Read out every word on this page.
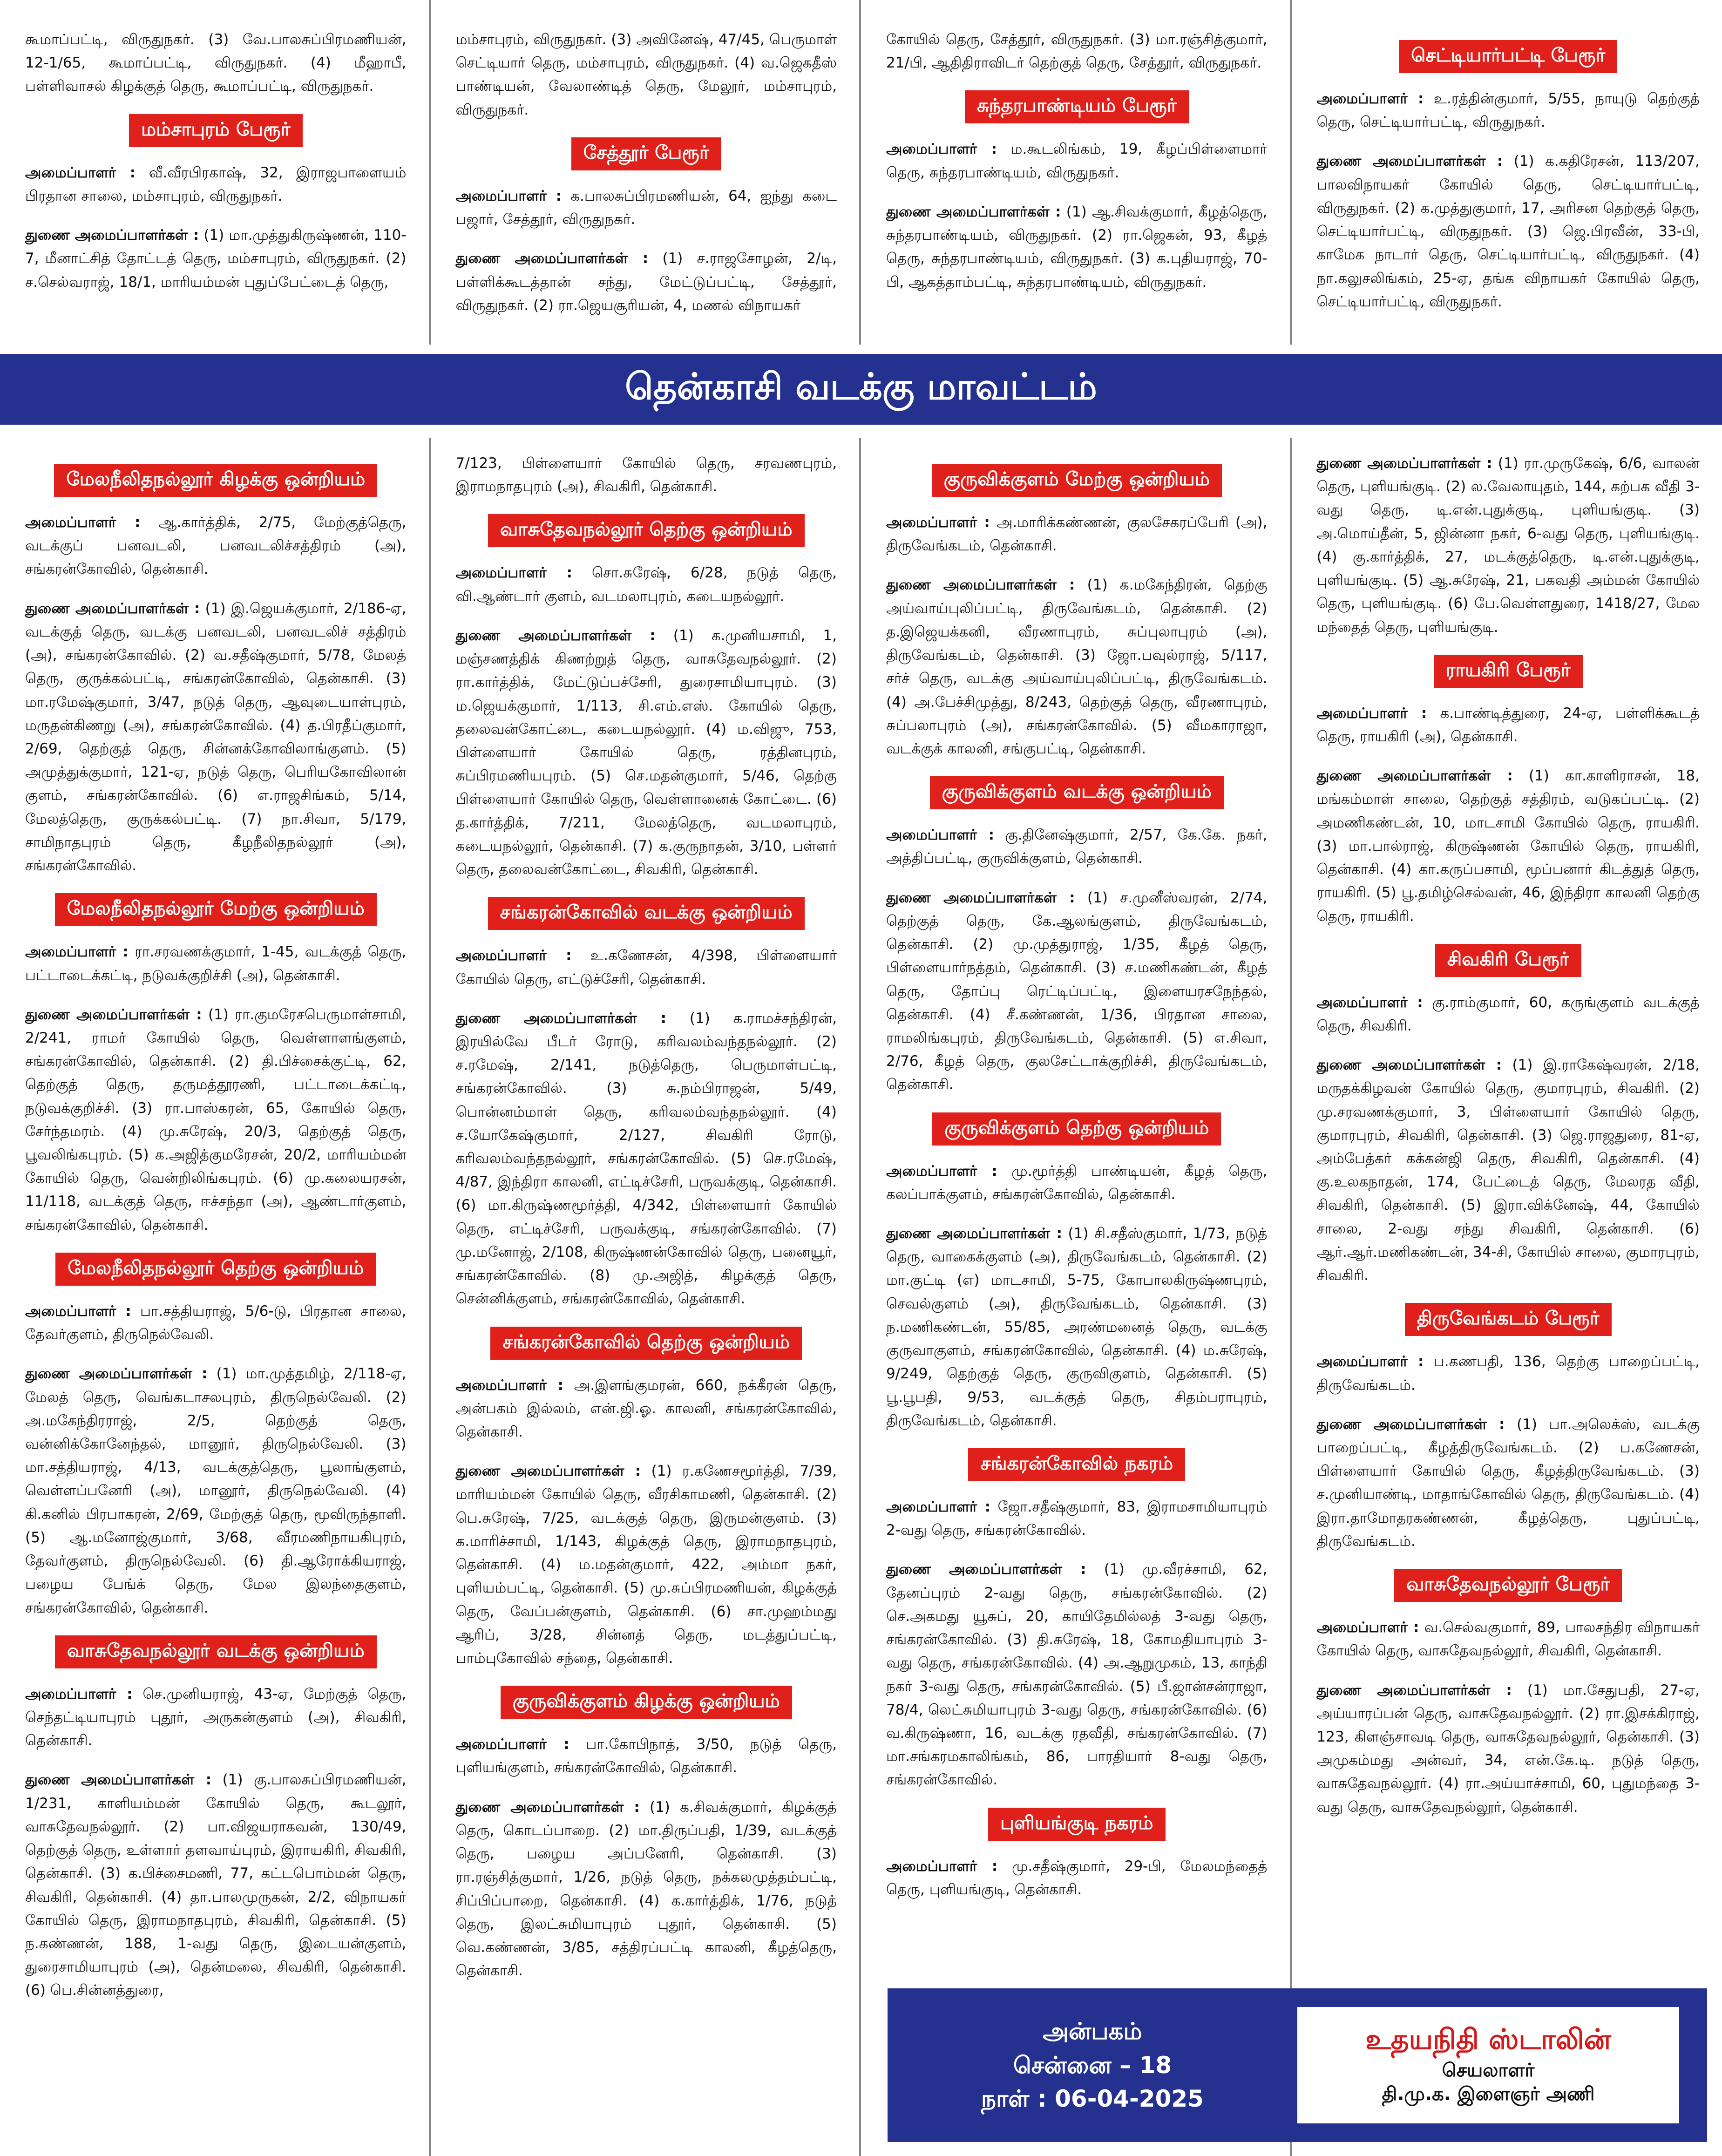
கூமாப்பட்டி, விருதுநகர். (3) வே.பாலசுப்பிரமணியன், 12-1/65, கூமாப்பட்டி, விருதுநகர். (4) மீஹாபீ, பள்ளிவாசல் கிழக்குத் தெரு, கூமாப்பட்டி, விருதுநகர்.

மம்சாபுரம் பேரூர்

அமைப்பாளர் : வீ.வீரபிரகாஷ், 32, இராஜபாளையம் பிரதான சாலை, மம்சாபுரம், விருதுநகர்.

துணை அமைப்பாளர்கள் : (1) மா.முத்துகிருஷ்ணன், 110-7, மீனாட்சித் தோட்டத் தெரு, மம்சாபுரம், விருதுநகர். (2) ச.செல்வராஜ், 18/1, மாரியம்மன் புதுப்பேட்டைத் தெரு,

மம்சாபுரம், விருதுநகர். (3) அவினேஷ், 47/45, பெருமாள் செட்டியார் தெரு, மம்சாபுரம், விருதுநகர். (4) வ.ஜெகதீஸ் பாண்டியன், வேலாண்டித் தெரு, மேலூர், மம்சாபுரம், விருதுநகர்.

சேத்தூர் பேரூர்

அமைப்பாளர் : க.பாலசுப்பிரமணியன், 64, ஐந்து கடை பஜார், சேத்தூர், விருதுநகர்.

துணை அமைப்பாளர்கள் : (1) ச.ராஜசோழன், 2/டி, பள்ளிக்கூடத்தான் சந்து, மேட்டுப்பட்டி, சேத்தூர், விருதுநகர். (2) ரா.ஜெயசூரியன், 4, மணல் விநாயகர்

கோயில் தெரு, சேத்தூர், விருதுநகர். (3) மா.ரஞ்சித்குமார், 21/பி, ஆதிதிராவிடர் தெற்குத் தெரு, சேத்தூர், விருதுநகர்.

சுந்தரபாண்டியம் பேரூர்

அமைப்பாளர் : ம.கூடலிங்கம், 19, கீழப்பிள்ளைமார் தெரு, சுந்தரபாண்டியம், விருதுநகர்.

துணை அமைப்பாளர்கள் : (1) ஆ.சிவக்குமார், கீழத்தெரு, சுந்தரபாண்டியம், விருதுநகர். (2) ரா.ஜெகன், 93, கீழத் தெரு, சுந்தரபாண்டியம், விருதுநகர். (3) க.புதியராஜ், 70-பி, ஆகத்தாம்பட்டி, சுந்தரபாண்டியம், விருதுநகர்.

செட்டியார்பட்டி பேரூர்

அமைப்பாளர் : உ.ரத்தின்குமார், 5/55, நாயுடு தெற்குத் தெரு, செட்டியார்பட்டி, விருதுநகர்.

துணை அமைப்பாளர்கள் : (1) க.கதிரேசன், 113/207, பாலவிநாயகர் கோயில் தெரு, செட்டியார்பட்டி, விருதுநகர். (2) க.முத்துகுமார், 17, அரிசன தெற்குத் தெரு, செட்டியார்பட்டி, விருதுநகர். (3) ஜெ.பிரவீன், 33-பி, காமேக நாடார் தெரு, செட்டியார்பட்டி, விருதுநகர். (4) நா.கலுசலிங்கம், 25-ஏ, தங்க விநாயகர் கோயில் தெரு, செட்டியார்பட்டி, விருதுநகர்.

தென்காசி வடக்கு மாவட்டம்
மேலநீலிதநல்லூர் கிழக்கு ஒன்றியம்

அமைப்பாளர் : ஆ.கார்த்திக், 2/75, மேற்குத்தெரு, வடக்குப் பனவடலி, பனவடலிச்சத்திரம் (அ), சங்கரன்கோவில், தென்காசி.

துணை அமைப்பாளர்கள் : (1) இ.ஜெயக்குமார், 2/186-ஏ, வடக்குத் தெரு, வடக்கு பனவடலி, பனவடலிச் சத்திரம் (அ), சங்கரன்கோவில். (2) வ.சதீஷ்குமார், 5/78, மேலத் தெரு, குருக்கல்பட்டி, சங்கரன்கோவில், தென்காசி. (3) மா.ரமேஷ்குமார், 3/47, நடுத் தெரு, ஆவுடையாள்புரம், மருதன்கிணறு (அ), சங்கரன்கோவில். (4) த.பிரதீப்குமார், 2/69, தெற்குத் தெரு, சின்னக்கோவிலாங்குளம். (5) அமுத்துக்குமார், 121-ஏ, நடுத் தெரு, பெரியகோவிலான் குளம், சங்கரன்கோவில். (6) எ.ராஜசிங்கம், 5/14, மேலத்தெரு, குருக்கல்பட்டி. (7) நா.சிவா, 5/179, சாமிநாதபுரம் தெரு, கீழநீலிதநல்லூர் (அ), சங்கரன்கோவில்.

மேலநீலிதநல்லூர் மேற்கு ஒன்றியம்

அமைப்பாளர் : ரா.சரவணக்குமார், 1-45, வடக்குத் தெரு, பட்டாடைக்கட்டி, நடுவக்குறிச்சி (அ), தென்காசி.

துணை அமைப்பாளர்கள் : (1) ரா.குமரேசபெருமாள்சாமி, 2/241, ராமர் கோயில் தெரு, வெள்ளாளங்குளம், சங்கரன்கோவில், தென்காசி. (2) தி.பிச்சைக்குட்டி, 62, தெற்குத் தெரு, தருமத்தூரணி, பட்டாடைக்கட்டி, நடுவக்குறிச்சி. (3) ரா.பாஸ்கரன், 65, கோயில் தெரு, சேர்ந்தமரம். (4) மு.சுரேஷ், 20/3, தெற்குத் தெரு, பூவலிங்கபுரம். (5) க.அஜித்குமரேசன், 20/2, மாரியம்மன் கோயில் தெரு, வென்றிலிங்கபுரம். (6) மு.கலையரசன், 11/118, வடக்குத் தெரு, ஈச்சந்தா (அ), ஆண்டார்குளம், சங்கரன்கோவில், தென்காசி.

மேலநீலிதநல்லூர் தெற்கு ஒன்றியம்

அமைப்பாளர் : பா.சத்தியராஜ், 5/6-டு, பிரதான சாலை, தேவர்குளம், திருநெல்வேலி.

துணை அமைப்பாளர்கள் : (1) மா.முத்தமிழ், 2/118-ஏ, மேலத் தெரு, வெங்கடாசலபுரம், திருநெல்வேலி. (2) அ.மகேந்திரராஜ், 2/5, தெற்குத் தெரு, வன்னிக்கோனேந்தல், மானூர், திருநெல்வேலி. (3) மா.சத்தியராஜ், 4/13, வடக்குத்தெரு, பூலாங்குளம், வெள்ளப்பனேரி (அ), மானூர், திருநெல்வேலி. (4) கி.கனில் பிரபாகரன், 2/69, மேற்குத் தெரு, மூவிருந்தாளி. (5) ஆ.மனோஜ்குமார், 3/68, வீரமணிநாயகிபுரம், தேவர்குளம், திருநெல்வேலி. (6) தி.ஆரோக்கியராஜ், பழைய பேங்க் தெரு, மேல இலந்தைகுளம், சங்கரன்கோவில், தென்காசி.

வாசுதேவநல்லூர் வடக்கு ஒன்றியம்

அமைப்பாளர் : செ.முனியராஜ், 43-ஏ, மேற்குத் தெரு, செந்தட்டியாபுரம் புதூர், அருகன்குளம் (அ), சிவகிரி, தென்காசி.

துணை அமைப்பாளர்கள் : (1) கு.பாலசுப்பிரமணியன், 1/231, காளியம்மன் கோயில் தெரு, கூடலூர், வாசுதேவநல்லூர். (2) பா.விஜயராகவன், 130/49, தெற்குத் தெரு, உள்ளார் தளவாய்புரம், இராயகிரி, சிவகிரி, தென்காசி. (3) க.பிச்சைமணி, 77, கட்டபொம்மன் தெரு, சிவகிரி, தென்காசி. (4) தா.பாலமுருகன், 2/2, விநாயகர் கோயில் தெரு, இராமநாதபுரம், சிவகிரி, தென்காசி. (5) ந.கண்ணன், 188, 1-வது தெரு, இடையன்குளம், துரைசாமியாபுரம் (அ), தென்மலை, சிவகிரி, தென்காசி. (6) பெ.சின்னத்துரை,

7/123, பிள்ளையார் கோயில் தெரு, சரவணபுரம், இராமநாதபுரம் (அ), சிவகிரி, தென்காசி.

வாசுதேவநல்லூர் தெற்கு ஒன்றியம்

அமைப்பாளர் : சொ.சுரேஷ், 6/28, நடுத் தெரு, வி.ஆண்டார் குளம், வடமலாபுரம், கடையநல்லூர்.

துணை அமைப்பாளர்கள் : (1) க.முனியசாமி, 1, மஞ்சணத்திக் கிணற்றுத் தெரு, வாசுதேவநல்லூர். (2) ரா.கார்த்திக், மேட்டுப்பச்சேரி, துரைசாமியாபுரம். (3) ம.ஜெயக்குமார், 1/113, சி.எம்.எஸ். கோயில் தெரு, தலைவன்கோட்டை, கடையநல்லூர். (4) ம.விஜு, 753, பிள்ளையார் கோயில் தெரு, ரத்தினபுரம், சுப்பிரமணியபுரம். (5) செ.மதன்குமார், 5/46, தெற்கு பிள்ளையார் கோயில் தெரு, வெள்ளானைக் கோட்டை. (6) த.கார்த்திக், 7/211, மேலத்தெரு, வடமலாபுரம், கடையநல்லூர், தென்காசி. (7) க.குருநாதன், 3/10, பள்ளர் தெரு, தலைவன்கோட்டை, சிவகிரி, தென்காசி.

சங்கரன்கோவில் வடக்கு ஒன்றியம்

அமைப்பாளர் : உ.கணேசன், 4/398, பிள்ளையார் கோயில் தெரு, எட்டுச்சேரி, தென்காசி.

துணை அமைப்பாளர்கள் : (1) க.ராமச்சந்திரன், இரயில்வே பீடர் ரோடு, கரிவலம்வந்தநல்லூர். (2) ச.ரமேஷ், 2/141, நடுத்தெரு, பெருமாள்பட்டி, சங்கரன்கோவில். (3) சு.நம்பிராஜன், 5/49, பொன்னம்மாள் தெரு, கரிவலம்வந்தநல்லூர். (4) ச.யோகேஷ்குமார், 2/127, சிவகிரி ரோடு, கரிவலம்வந்தநல்லூர், சங்கரன்கோவில். (5) செ.ரமேஷ், 4/87, இந்திரா காலனி, எட்டிச்சேரி, பருவக்குடி, தென்காசி. (6) மா.கிருஷ்ணமூர்த்தி, 4/342, பிள்ளையார் கோயில் தெரு, எட்டிச்சேரி, பருவக்குடி, சங்கரன்கோவில். (7) மு.மனோஜ், 2/108, கிருஷ்ணன்கோவில் தெரு, பனையூர், சங்கரன்கோவில். (8) மு.அஜித், கிழக்குத் தெரு, சென்னிக்குளம், சங்கரன்கோவில், தென்காசி.

சங்கரன்கோவில் தெற்கு ஒன்றியம்

அமைப்பாளர் : அ.இளங்குமரன், 660, நக்கீரன் தெரு, அன்பகம் இல்லம், என்.ஜி.ஓ. காலனி, சங்கரன்கோவில், தென்காசி.

துணை அமைப்பாளர்கள் : (1) ர.கணேசமூர்த்தி, 7/39, மாரியம்மன் கோயில் தெரு, வீரசிகாமணி, தென்காசி. (2) பெ.சுரேஷ், 7/25, வடக்குத் தெரு, இருமன்குளம். (3) க.மாரிச்சாமி, 1/143, கிழக்குத் தெரு, இராமநாதபுரம், தென்காசி. (4) ம.மதன்குமார், 422, அம்மா நகர், புளியம்பட்டி, தென்காசி. (5) மு.சுப்பிரமணியன், கிழக்குத் தெரு, வேப்பன்குளம், தென்காசி. (6) சா.முஹம்மது ஆரிப், 3/28, சின்னத் தெரு, மடத்துப்பட்டி, பாம்புகோவில் சந்தை, தென்காசி.

குருவிக்குளம் கிழக்கு ஒன்றியம்

அமைப்பாளர் : பா.கோபிநாத், 3/50, நடுத் தெரு, புளியங்குளம், சங்கரன்கோவில், தென்காசி.

துணை அமைப்பாளர்கள் : (1) க.சிவக்குமார், கிழக்குத் தெரு, கொடப்பாறை. (2) மா.திருப்பதி, 1/39, வடக்குத் தெரு, பழைய அப்பனேரி, தென்காசி. (3) ரா.ரஞ்சித்குமார், 1/26, நடுத் தெரு, நக்கலமுத்தம்பட்டி, சிப்பிப்பாறை, தென்காசி. (4) க.கார்த்திக், 1/76, நடுத் தெரு, இலட்சுமியாபுரம் புதூர், தென்காசி. (5) வெ.கண்ணன், 3/85, சத்திரப்பட்டி காலனி, கீழத்தெரு, தென்காசி.

குருவிக்குளம் மேற்கு ஒன்றியம்

அமைப்பாளர் : அ.மாரிக்கண்ணன், குலசேகரப்பேரி (அ), திருவேங்கடம், தென்காசி.

துணை அமைப்பாளர்கள் : (1) க.மகேந்திரன், தெற்கு அய்வாய்புலிப்பட்டி, திருவேங்கடம், தென்காசி. (2) த.இஜெயக்கனி, வீரணாபுரம், சுப்புலாபுரம் (அ), திருவேங்கடம், தென்காசி. (3) ஜோ.பவுல்ராஜ், 5/117, சர்ச் தெரு, வடக்கு அய்வாய்புலிப்பட்டி, திருவேங்கடம். (4) அ.பேச்சிமுத்து, 8/243, தெற்குத் தெரு, வீரணாபுரம், சுப்பலாபுரம் (அ), சங்கரன்கோவில். (5) வீமகாராஜா, வடக்குக் காலனி, சங்குபட்டி, தென்காசி.

குருவிக்குளம் வடக்கு ஒன்றியம்

அமைப்பாளர் : கு.தினேஷ்குமார், 2/57, கே.கே. நகர், அத்திப்பட்டி, குருவிக்குளம், தென்காசி.

துணை அமைப்பாளர்கள் : (1) ச.முனீஸ்வரன், 2/74, தெற்குத் தெரு, கே.ஆலங்குளம், திருவேங்கடம், தென்காசி. (2) மு.முத்துராஜ், 1/35, கீழத் தெரு, பிள்ளையார்நத்தம், தென்காசி. (3) ச.மணிகண்டன், கீழத் தெரு, தோப்பு ரெட்டிப்பட்டி, இளையரசநேந்தல், தென்காசி. (4) சீ.கண்ணன், 1/36, பிரதான சாலை, ராமலிங்கபுரம், திருவேங்கடம், தென்காசி. (5) எ.சிவா, 2/76, கீழத் தெரு, குலசேட்டாக்குறிச்சி, திருவேங்கடம், தென்காசி.

குருவிக்குளம் தெற்கு ஒன்றியம்

அமைப்பாளர் : மு.மூர்த்தி பாண்டியன், கீழத் தெரு, கலப்பாக்குளம், சங்கரன்கோவில், தென்காசி.

துணை அமைப்பாளர்கள் : (1) சி.சதீஸ்குமார், 1/73, நடுத் தெரு, வாகைக்குளம் (அ), திருவேங்கடம், தென்காசி. (2) மா.குட்டி (எ) மாடசாமி, 5-75, கோபாலகிருஷ்ணபுரம், செவல்குளம் (அ), திருவேங்கடம், தென்காசி. (3) ந.மணிகண்டன், 55/85, அரண்மனைத் தெரு, வடக்கு குருவாகுளம், சங்கரன்கோவில், தென்காசி. (4) ம.சுரேஷ், 9/249, தெற்குத் தெரு, குருவிகுளம், தென்காசி. (5) பூ.பூபதி, 9/53, வடக்குத் தெரு, சிதம்பராபுரம், திருவேங்கடம், தென்காசி.

சங்கரன்கோவில் நகரம்

அமைப்பாளர் : ஜோ.சதீஷ்குமார், 83, இராமசாமியாபுரம் 2-வது தெரு, சங்கரன்கோவில்.

துணை அமைப்பாளர்கள் : (1) மு.வீரச்சாமி, 62, தேனப்புரம் 2-வது தெரு, சங்கரன்கோவில். (2) செ.அகமது யூசுப், 20, காயிதேமில்லத் 3-வது தெரு, சங்கரன்கோவில். (3) தி.சுரேஷ், 18, கோமதியாபுரம் 3-வது தெரு, சங்கரன்கோவில். (4) அ.ஆறுமுகம், 13, காந்தி நகர் 3-வது தெரு, சங்கரன்கோவில். (5) பீ.ஜான்சன்ராஜா, 78/4, லெட்சுமியாபுரம் 3-வது தெரு, சங்கரன்கோவில். (6) வ.கிருஷ்ணா, 16, வடக்கு ரதவீதி, சங்கரன்கோவில். (7) மா.சங்கரமகாலிங்கம், 86, பாரதியார் 8-வது தெரு, சங்கரன்கோவில்.

புளியங்குடி நகரம்

அமைப்பாளர் : மு.சதீஷ்குமார், 29-பி, மேலமந்தைத் தெரு, புளியங்குடி, தென்காசி.

துணை அமைப்பாளர்கள் : (1) ரா.முருகேஷ், 6/6, வாலன் தெரு, புளியங்குடி. (2) ல.வேலாயுதம், 144, கற்பக வீதி 3-வது தெரு, டி.என்.புதுக்குடி, புளியங்குடி. (3) அ.மொய்தீன், 5, ஜின்னா நகர், 6-வது தெரு, புளியங்குடி. (4) கு.கார்த்திக், 27, மடக்குத்தெரு, டி.என்.புதுக்குடி, புளியங்குடி. (5) ஆ.சுரேஷ், 21, பகவதி அம்மன் கோயில் தெரு, புளியங்குடி. (6) பே.வெள்ளதுரை, 1418/27, மேல மந்தைத் தெரு, புளியங்குடி.

ராயகிரி பேரூர்

அமைப்பாளர் : க.பாண்டித்துரை, 24-ஏ, பள்ளிக்கூடத் தெரு, ராயகிரி (அ), தென்காசி.

துணை அமைப்பாளர்கள் : (1) கா.காளிராசன், 18, மங்கம்மாள் சாலை, தெற்குத் சத்திரம், வடுகப்பட்டி. (2) அமணிகண்டன், 10, மாடசாமி கோயில் தெரு, ராயகிரி. (3) மா.பால்ராஜ், கிருஷ்ணன் கோயில் தெரு, ராயகிரி, தென்காசி. (4) கா.கருப்பசாமி, மூப்பனார் கிடத்துத் தெரு, ராயகிரி. (5) பூ.தமிழ்செல்வன், 46, இந்திரா காலனி தெற்கு தெரு, ராயகிரி.

சிவகிரி பேரூர்

அமைப்பாளர் : கு.ராம்குமார், 60, கருங்குளம் வடக்குத் தெரு, சிவகிரி.

துணை அமைப்பாளர்கள் : (1) இ.ராகேஷ்வரன், 2/18, மருதக்கிழவன் கோயில் தெரு, குமாரபுரம், சிவகிரி. (2) மு.சரவணக்குமார், 3, பிள்ளையார் கோயில் தெரு, குமாரபுரம், சிவகிரி, தென்காசி. (3) ஜெ.ராஜதுரை, 81-ஏ, அம்பேத்கர் கக்கன்ஜி தெரு, சிவகிரி, தென்காசி. (4) கு.உலகநாதன், 174, பேட்டைத் தெரு, மேலரத வீதி, சிவகிரி, தென்காசி. (5) இரா.விக்னேஷ், 44, கோயில் சாலை, 2-வது சந்து சிவகிரி, தென்காசி. (6) ஆர்.ஆர்.மணிகண்டன், 34-சி, கோயில் சாலை, குமாரபுரம், சிவகிரி.

திருவேங்கடம் பேரூர்

அமைப்பாளர் : ப.கணபதி, 136, தெற்கு பாறைப்பட்டி, திருவேங்கடம்.

துணை அமைப்பாளர்கள் : (1) பா.அலெக்ஸ், வடக்கு பாறைப்பட்டி, கீழத்திருவேங்கடம். (2) ப.கணேசன், பிள்ளையார் கோயில் தெரு, கீழத்திருவேங்கடம். (3) ச.முனியாண்டி, மாதாங்கோவில் தெரு, திருவேங்கடம். (4) இரா.தாமோதரகண்ணன், கீழத்தெரு, புதுப்பட்டி, திருவேங்கடம்.

வாசுதேவநல்லூர் பேரூர்

அமைப்பாளர் : வ.செல்வகுமார், 89, பாலசந்திர விநாயகர் கோயில் தெரு, வாசுதேவநல்லூர், சிவகிரி, தென்காசி.

துணை அமைப்பாளர்கள் : (1) மா.சேதுபதி, 27-ஏ, அய்யாரப்பன் தெரு, வாசுதேவநல்லூர். (2) ரா.இசக்கிராஜ், 123, கிளஞ்சாவடி தெரு, வாசுதேவநல்லூர், தென்காசி. (3) அமுகம்மது அன்வர், 34, என்.கே.டி. நடுத் தெரு, வாசுதேவநல்லூர். (4) ரா.அய்யாச்சாமி, 60, புதுமந்தை 3-வது தெரு, வாசுதேவநல்லூர், தென்காசி.

அன்பகம்
சென்னை – 18
நாள் : 06-04-2025
உதயநிதி ஸ்டாலின்
செயலாளர்
தி.மு.க. இளைஞர் அணி
